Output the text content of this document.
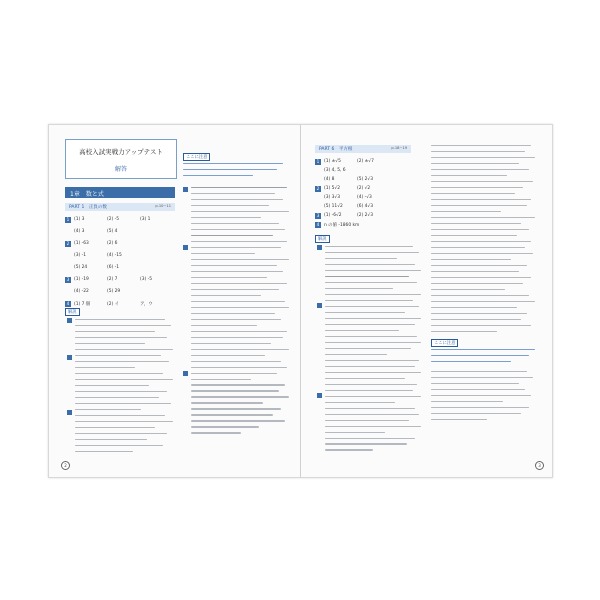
高校入試実戦力アップテスト
解答
1章　数と式
PART 1　正負の数	p.10~11
1 (1) 3	(2) -5	(3) 1
(4) 3	(5) 4
2 (1) -63	(2) 6
(3) -1	(4) -15
(5) 24	(6) -1
3 (1) -19	(2) 7	(3) -5
(4) -22	(5) 29
4 (1) 7 個	(2) イ	ア，ウ
解説
ここに注意
2
PART 6　平方根	p.18~19
1 (1) ±√5	(2) ±√7
(3) 4, 5, 6
(4) 8	(5) 2√3
2 (1) 5√2	(2) √2
(3) 3√3	(4) -√3
(5) 11√2	(6) 4√3
3 (1) -6√2	(2) 2√3
4 n の値 -1860 km
解説
ここに注意
3
